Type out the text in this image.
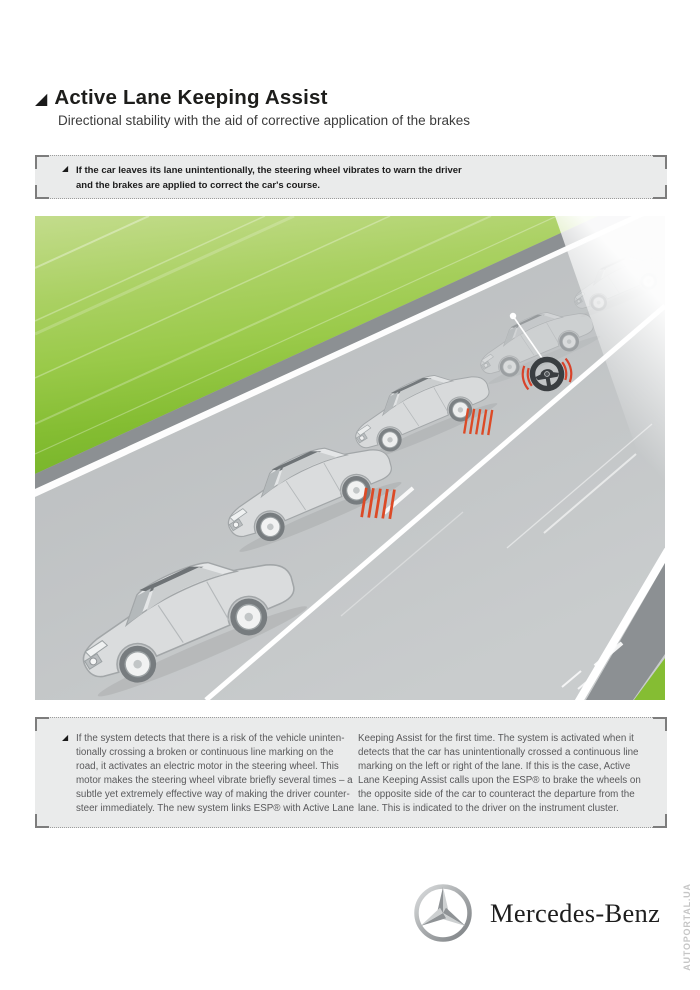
◢ Active Lane Keeping Assist
Directional stability with the aid of corrective application of the brakes
◢ If the car leaves its lane unintentionally, the steering wheel vibrates to warn the driver
and the brakes are applied to correct the car's course.
◢ If the system detects that there is a risk of the vehicle uninten-
tionally crossing a broken or continuous line marking on the
road, it activates an electric motor in the steering wheel. This
motor makes the steering wheel vibrate briefly several times – a
subtle yet extremely effective way of making the driver counter-
steer immediately. The new system links ESP® with Active Lane
Keeping Assist for the first time. The system is activated when it
detects that the car has unintentionally crossed a continuous line
marking on the left or right of the lane. If this is the case, Active
Lane Keeping Assist calls upon the ESP® to brake the wheels on
the opposite side of the car to counteract the departure from the
lane. This is indicated to the driver on the instrument cluster.
Mercedes-Benz AUTOPORTAL.UA
